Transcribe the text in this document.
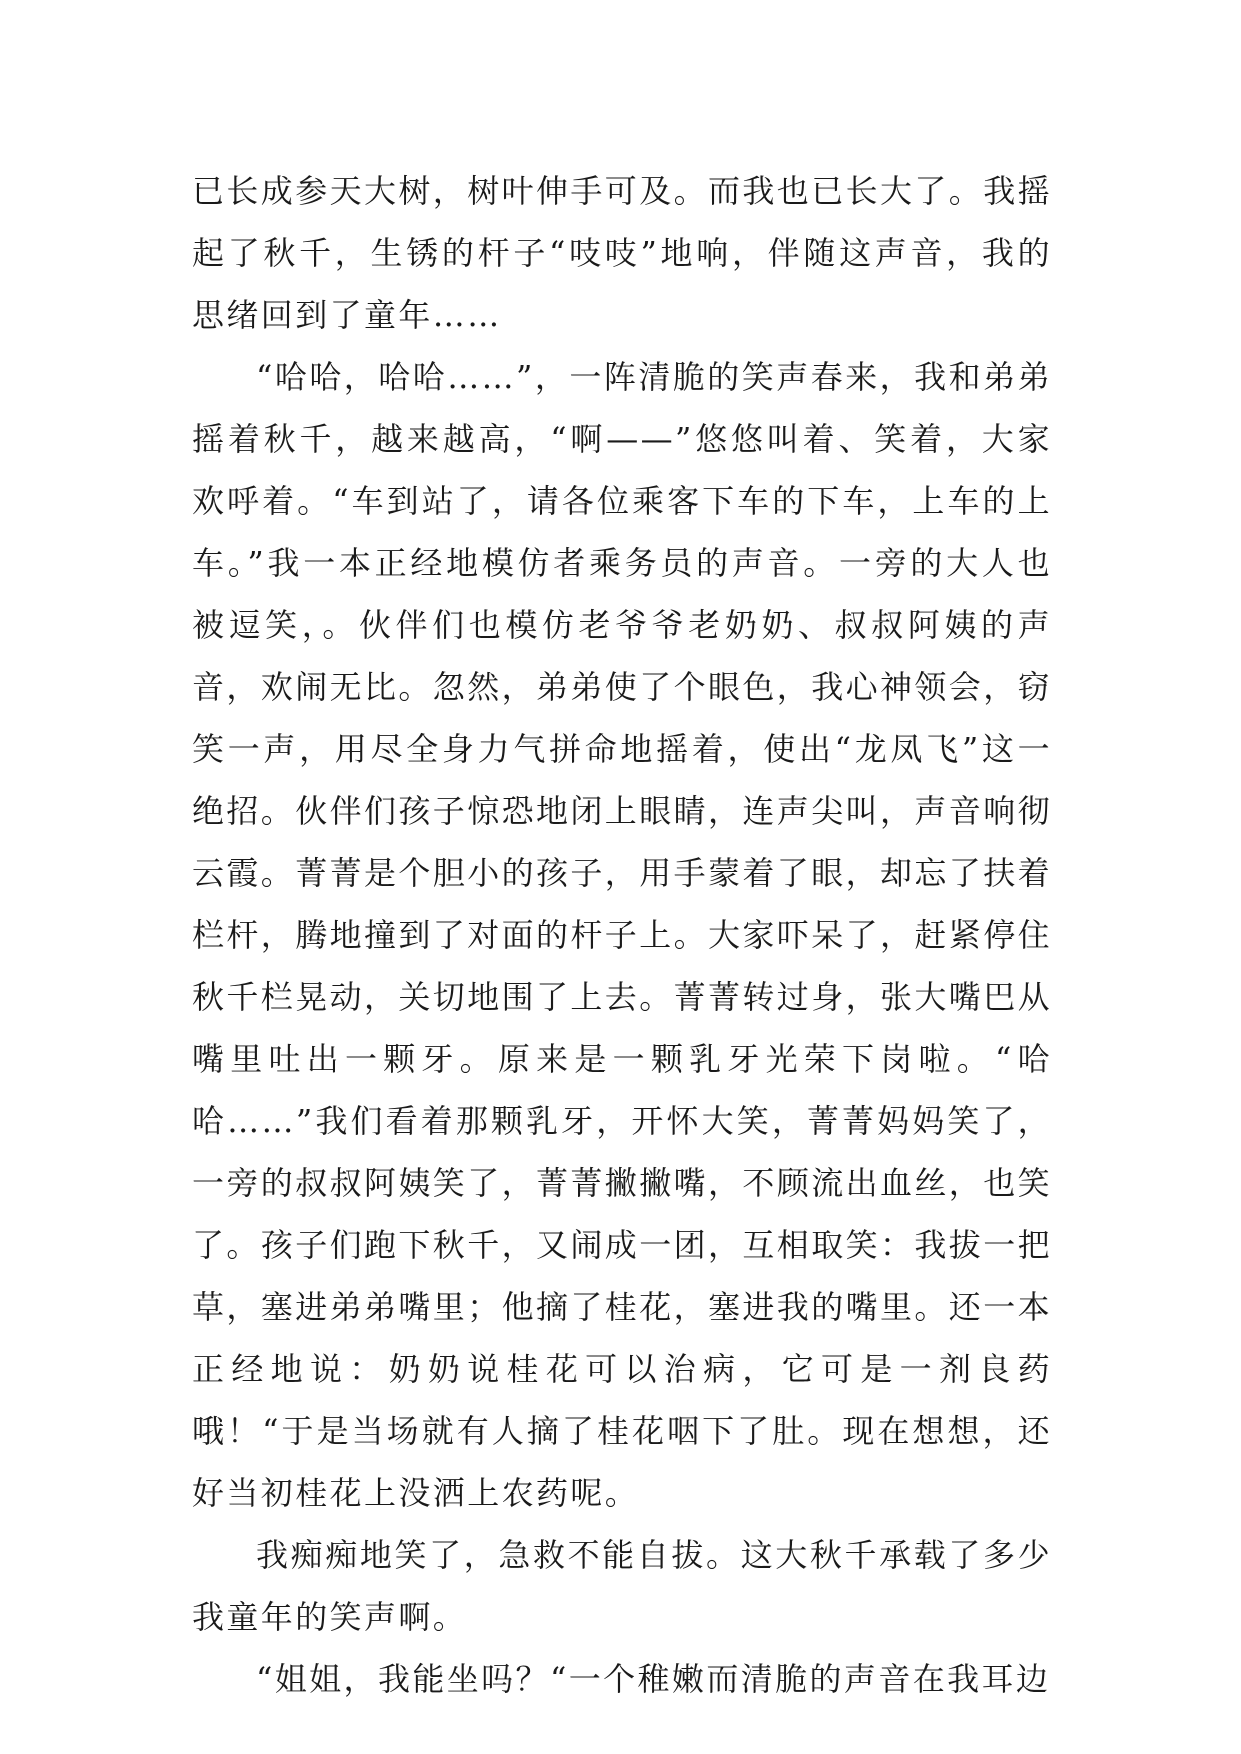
已长成参天大树，树叶伸手可及。而我也已长大了。我摇起了秋千，生锈的杆子“吱吱”地响，伴随这声音，我的思绪回到了童年……

“哈哈，哈哈……”，一阵清脆的笑声春来，我和弟弟摇着秋千，越来越高，“啊——”悠悠叫着、笑着，大家欢呼着。“车到站了，请各位乘客下车的下车，上车的上车。”我一本正经地模仿者乘务员的声音。一旁的大人也被逗笑，。伙伴们也模仿老爷爷老奶奶、叔叔阿姨的声音，欢闹无比。忽然，弟弟使了个眼色，我心神领会，窃笑一声，用尽全身力气拼命地摇着，使出“龙凤飞”这一绝招。伙伴们孩子惊恐地闭上眼睛，连声尖叫，声音响彻云霞。菁菁是个胆小的孩子，用手蒙着了眼，却忘了扶着栏杆，腾地撞到了对面的杆子上。大家吓呆了，赶紧停住秋千栏晃动，关切地围了上去。菁菁转过身，张大嘴巴从嘴里吐出一颗牙。原来是一颗乳牙光荣下岗啦。“哈哈……”我们看着那颗乳牙，开怀大笑，菁菁妈妈笑了，一旁的叔叔阿姨笑了，菁菁撇撇嘴，不顾流出血丝，也笑了。孩子们跑下秋千，又闹成一团，互相取笑：我拔一把草，塞进弟弟嘴里；他摘了桂花，塞进我的嘴里。还一本正经地说：奶奶说桂花可以治病，它可是一剂良药哦！“于是当场就有人摘了桂花咽下了肚。现在想想，还好当初桂花上没洒上农药呢。

我痴痴地笑了，急救不能自拔。这大秋千承载了多少我童年的笑声啊。

“姐姐，我能坐吗？“一个稚嫩而清脆的声音在我耳边
